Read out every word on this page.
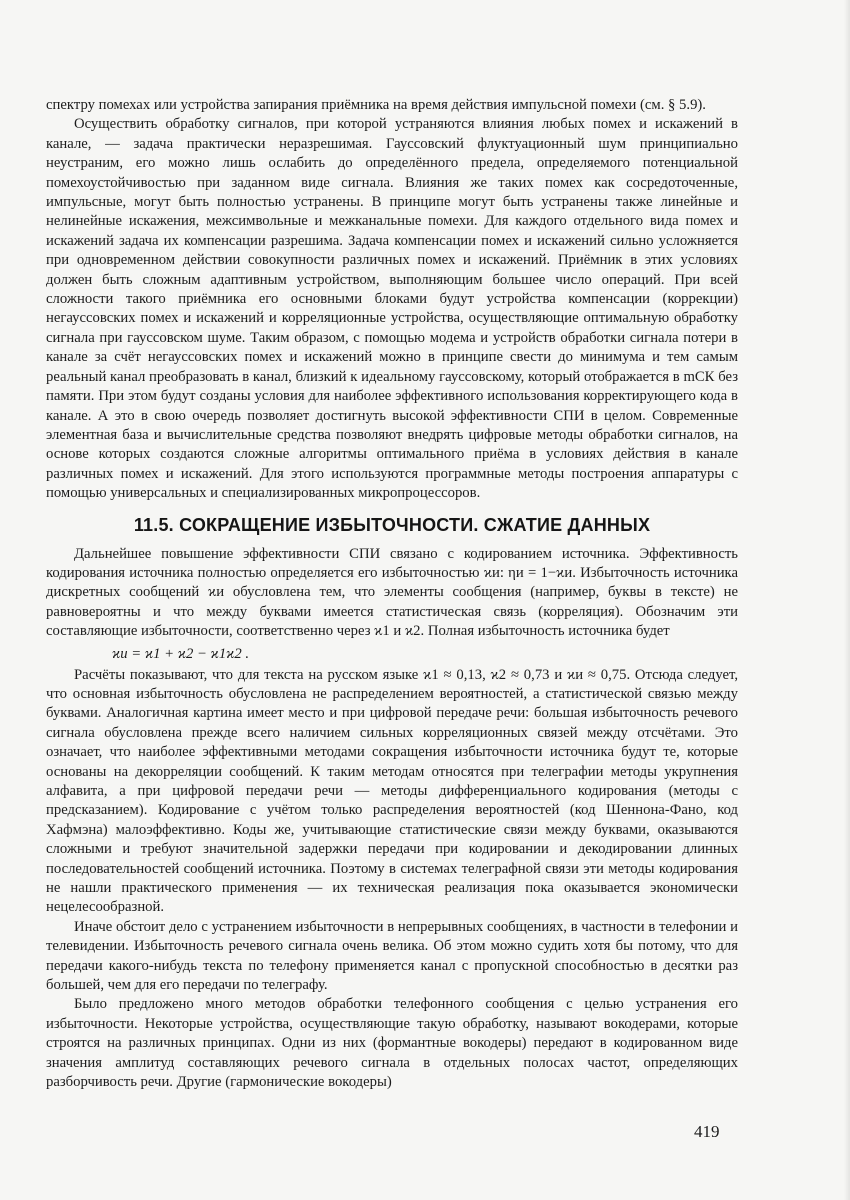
спектру помехах или устройства запирания приёмника на время действия импульсной помехи (см. § 5.9).

Осуществить обработку сигналов, при которой устраняются влияния любых помех и искажений в канале, — задача практически неразрешимая. Гауссовский флуктуационный шум принципиально неустраним, его можно лишь ослабить до определённого предела, определяемого потенциальной помехоустойчивостью при заданном виде сигнала. Влияния же таких помех как сосредоточенные, импульсные, могут быть полностью устранены. В принципе могут быть устранены также линейные и нелинейные искажения, межсимвольные и межканальные помехи. Для каждого отдельного вида помех и искажений задача их компенсации разрешима. Задача компенсации помех и искажений сильно усложняется при одновременном действии совокупности различных помех и искажений. Приёмник в этих условиях должен быть сложным адаптивным устройством, выполняющим большее число операций. При всей сложности такого приёмника его основными блоками будут устройства компенсации (коррекции) негауссовских помех и искажений и корреляционные устройства, осуществляющие оптимальную обработку сигнала при гауссовском шуме. Таким образом, с помощью модема и устройств обработки сигнала потери в канале за счёт негауссовских помех и искажений можно в принципе свести до минимума и тем самым реальный канал преобразовать в канал, близкий к идеальному гауссовскому, который отображается в mСК без памяти. При этом будут созданы условия для наиболее эффективного использования корректирующего кода в канале. А это в свою очередь позволяет достигнуть высокой эффективности СПИ в целом. Современные элементная база и вычислительные средства позволяют внедрять цифровые методы обработки сигналов, на основе которых создаются сложные алгоритмы оптимального приёма в условиях действия в канале различных помех и искажений. Для этого используются программные методы построения аппаратуры с помощью универсальных и специализированных микропроцессоров.

11.5. СОКРАЩЕНИЕ ИЗБЫТОЧНОСТИ. СЖАТИЕ ДАННЫХ

Дальнейшее повышение эффективности СПИ связано с кодированием источника. Эффективность кодирования источника полностью определяется его избыточностью ϰи: ηи = 1−ϰи. Избыточность источника дискретных сообщений ϰи обусловлена тем, что элементы сообщения (например, буквы в тексте) не равновероятны и что между буквами имеется статистическая связь (корреляция). Обозначим эти составляющие избыточности, соответственно через ϰ1 и ϰ2. Полная избыточность источника будет

ϰи = ϰ1 + ϰ2 − ϰ1ϰ2 .

Расчёты показывают, что для текста на русском языке ϰ1 ≈ 0,13, ϰ2 ≈ 0,73 и ϰи ≈ 0,75. Отсюда следует, что основная избыточность обусловлена не распределением вероятностей, а статистической связью между буквами. Аналогичная картина имеет место и при цифровой передаче речи: большая избыточность речевого сигнала обусловлена прежде всего наличием сильных корреляционных связей между отсчётами. Это означает, что наиболее эффективными методами сокращения избыточности источника будут те, которые основаны на декорреляции сообщений. К таким методам относятся при телеграфии методы укрупнения алфавита, а при цифровой передачи речи — методы дифференциального кодирования (методы с предсказанием). Кодирование с учётом только распределения вероятностей (код Шеннона-Фано, код Хафмэна) малоэффективно. Коды же, учитывающие статистические связи между буквами, оказываются сложными и требуют значительной задержки передачи при кодировании и декодировании длинных последовательностей сообщений источника. Поэтому в системах телеграфной связи эти методы кодирования не нашли практического применения — их техническая реализация пока оказывается экономически нецелесообразной.

Иначе обстоит дело с устранением избыточности в непрерывных сообщениях, в частности в телефонии и телевидении. Избыточность речевого сигнала очень велика. Об этом можно судить хотя бы потому, что для передачи какого-нибудь текста по телефону применяется канал с пропускной способностью в десятки раз большей, чем для его передачи по телеграфу.

Было предложено много методов обработки телефонного сообщения с целью устранения его избыточности. Некоторые устройства, осуществляющие такую обработку, называют вокодерами, которые строятся на различных принципах. Одни из них (формантные вокодеры) передают в кодированном виде значения амплитуд составляющих речевого сигнала в отдельных полосах частот, определяющих разборчивость речи. Другие (гармонические вокодеры)

419
